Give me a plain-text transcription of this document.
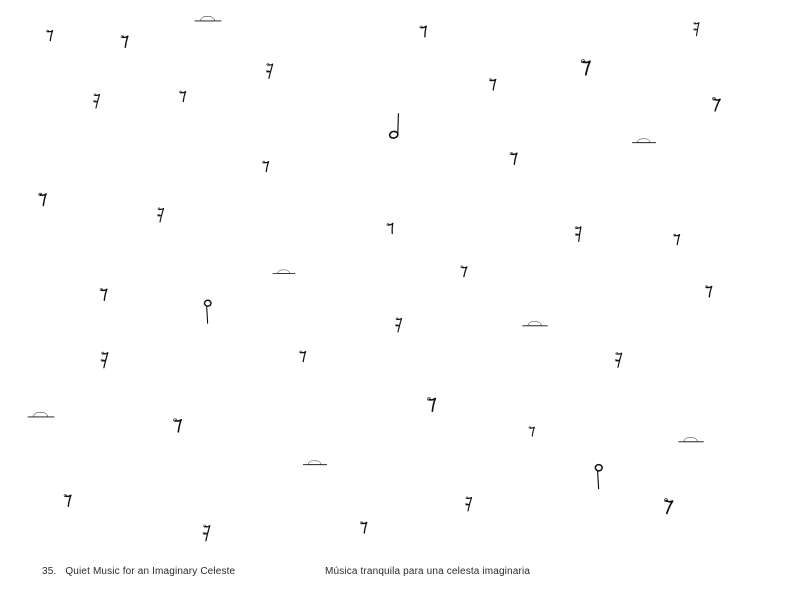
35. Quiet Music for an Imaginary Celeste	Música tranquila para una celesta imaginaria
